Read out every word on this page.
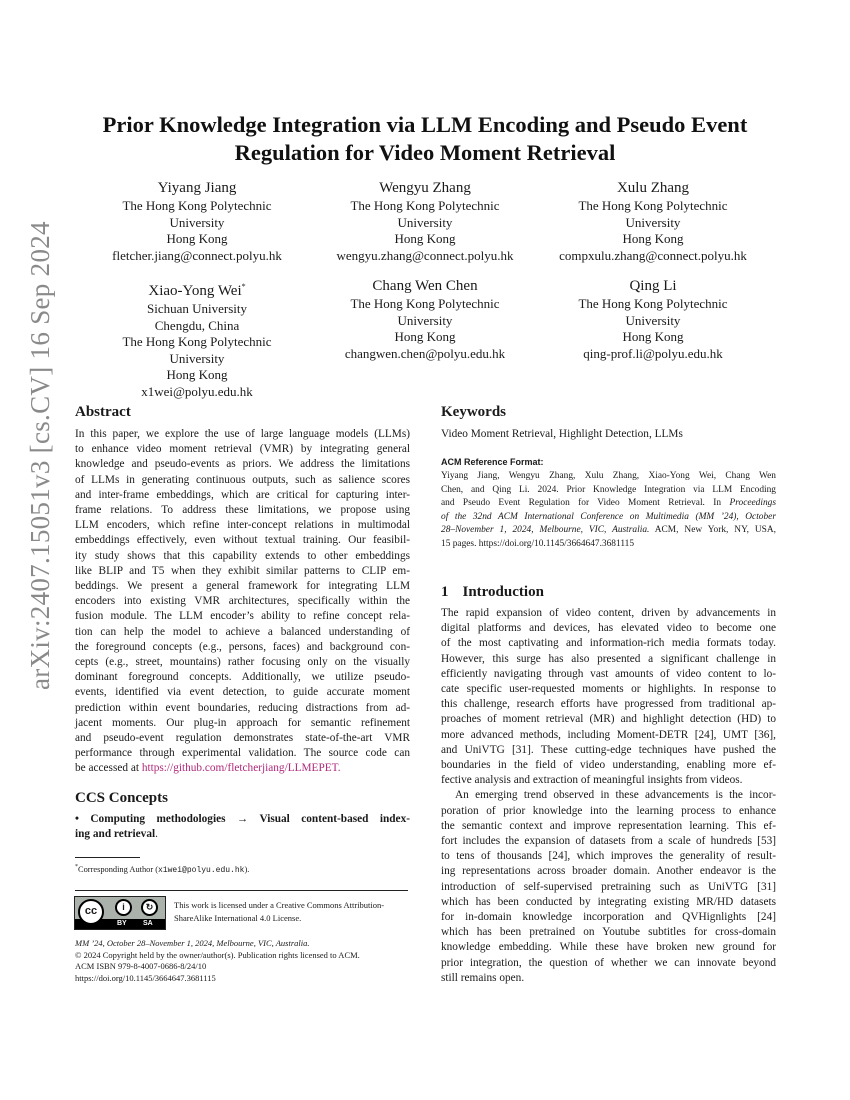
arXiv:2407.15051v3 [cs.CV] 16 Sep 2024
Prior Knowledge Integration via LLM Encoding and Pseudo Event
Regulation for Video Moment Retrieval
Yiyang Jiang
The Hong Kong Polytechnic
University
Hong Kong
fletcher.jiang@connect.polyu.hk
Wengyu Zhang
The Hong Kong Polytechnic
University
Hong Kong
wengyu.zhang@connect.polyu.hk
Xulu Zhang
The Hong Kong Polytechnic
University
Hong Kong
compxulu.zhang@connect.polyu.hk
Xiao-Yong Wei*
Sichuan University
Chengdu, China
The Hong Kong Polytechnic
University
Hong Kong
x1wei@polyu.edu.hk
Chang Wen Chen
The Hong Kong Polytechnic
University
Hong Kong
changwen.chen@polyu.edu.hk
Qing Li
The Hong Kong Polytechnic
University
Hong Kong
qing-prof.li@polyu.edu.hk
Abstract
In this paper, we explore the use of large language models (LLMs)
to enhance video moment retrieval (VMR) by integrating general
knowledge and pseudo-events as priors. We address the limitations
of LLMs in generating continuous outputs, such as salience scores
and inter-frame embeddings, which are critical for capturing inter-
frame relations. To address these limitations, we propose using
LLM encoders, which refine inter-concept relations in multimodal
embeddings effectively, even without textual training. Our feasibil-
ity study shows that this capability extends to other embeddings
like BLIP and T5 when they exhibit similar patterns to CLIP em-
beddings. We present a general framework for integrating LLM
encoders into existing VMR architectures, specifically within the
fusion module. The LLM encoder’s ability to refine concept rela-
tion can help the model to achieve a balanced understanding of
the foreground concepts (e.g., persons, faces) and background con-
cepts (e.g., street, mountains) rather focusing only on the visually
dominant foreground concepts. Additionally, we utilize pseudo-
events, identified via event detection, to guide accurate moment
prediction within event boundaries, reducing distractions from ad-
jacent moments. Our plug-in approach for semantic refinement
and pseudo-event regulation demonstrates state-of-the-art VMR
performance through experimental validation. The source code can
be accessed at https://github.com/fletcherjiang/LLMEPET.
CCS Concepts
• Computing methodologies → Visual content-based index-
ing and retrieval.
*Corresponding Author (x1wei@polyu.edu.hk).
cc	i	↻
BY SA
This work is licensed under a Creative Commons Attribution-
ShareAlike International 4.0 License.
MM ’24, October 28–November 1, 2024, Melbourne, VIC, Australia.
© 2024 Copyright held by the owner/author(s). Publication rights licensed to ACM.
ACM ISBN 979-8-4007-0686-8/24/10
https://doi.org/10.1145/3664647.3681115
Keywords
Video Moment Retrieval, Highlight Detection, LLMs
ACM Reference Format:
Yiyang Jiang, Wengyu Zhang, Xulu Zhang, Xiao-Yong Wei, Chang Wen
Chen, and Qing Li. 2024. Prior Knowledge Integration via LLM Encoding
and Pseudo Event Regulation for Video Moment Retrieval. In Proceedings
of the 32nd ACM International Conference on Multimedia (MM ’24), October
28–November 1, 2024, Melbourne, VIC, Australia. ACM, New York, NY, USA,
15 pages. https://doi.org/10.1145/3664647.3681115
1 Introduction
The rapid expansion of video content, driven by advancements in
digital platforms and devices, has elevated video to become one
of the most captivating and information-rich media formats today.
However, this surge has also presented a significant challenge in
efficiently navigating through vast amounts of video content to lo-
cate specific user-requested moments or highlights. In response to
this challenge, research efforts have progressed from traditional ap-
proaches of moment retrieval (MR) and highlight detection (HD) to
more advanced methods, including Moment-DETR [24], UMT [36],
and UniVTG [31]. These cutting-edge techniques have pushed the
boundaries in the field of video understanding, enabling more ef-
fective analysis and extraction of meaningful insights from videos.
An emerging trend observed in these advancements is the incor-
poration of prior knowledge into the learning process to enhance
the semantic context and improve representation learning. This ef-
fort includes the expansion of datasets from a scale of hundreds [53]
to tens of thousands [24], which improves the generality of result-
ing representations across broader domain. Another endeavor is the
introduction of self-supervised pretraining such as UniVTG [31]
which has been conducted by integrating existing MR/HD datasets
for in-domain knowledge incorporation and QVHignlights [24]
which has been pretrained on Youtube subtitles for cross-domain
knowledge embedding. While these have broken new ground for
prior integration, the question of whether we can innovate beyond
still remains open.
